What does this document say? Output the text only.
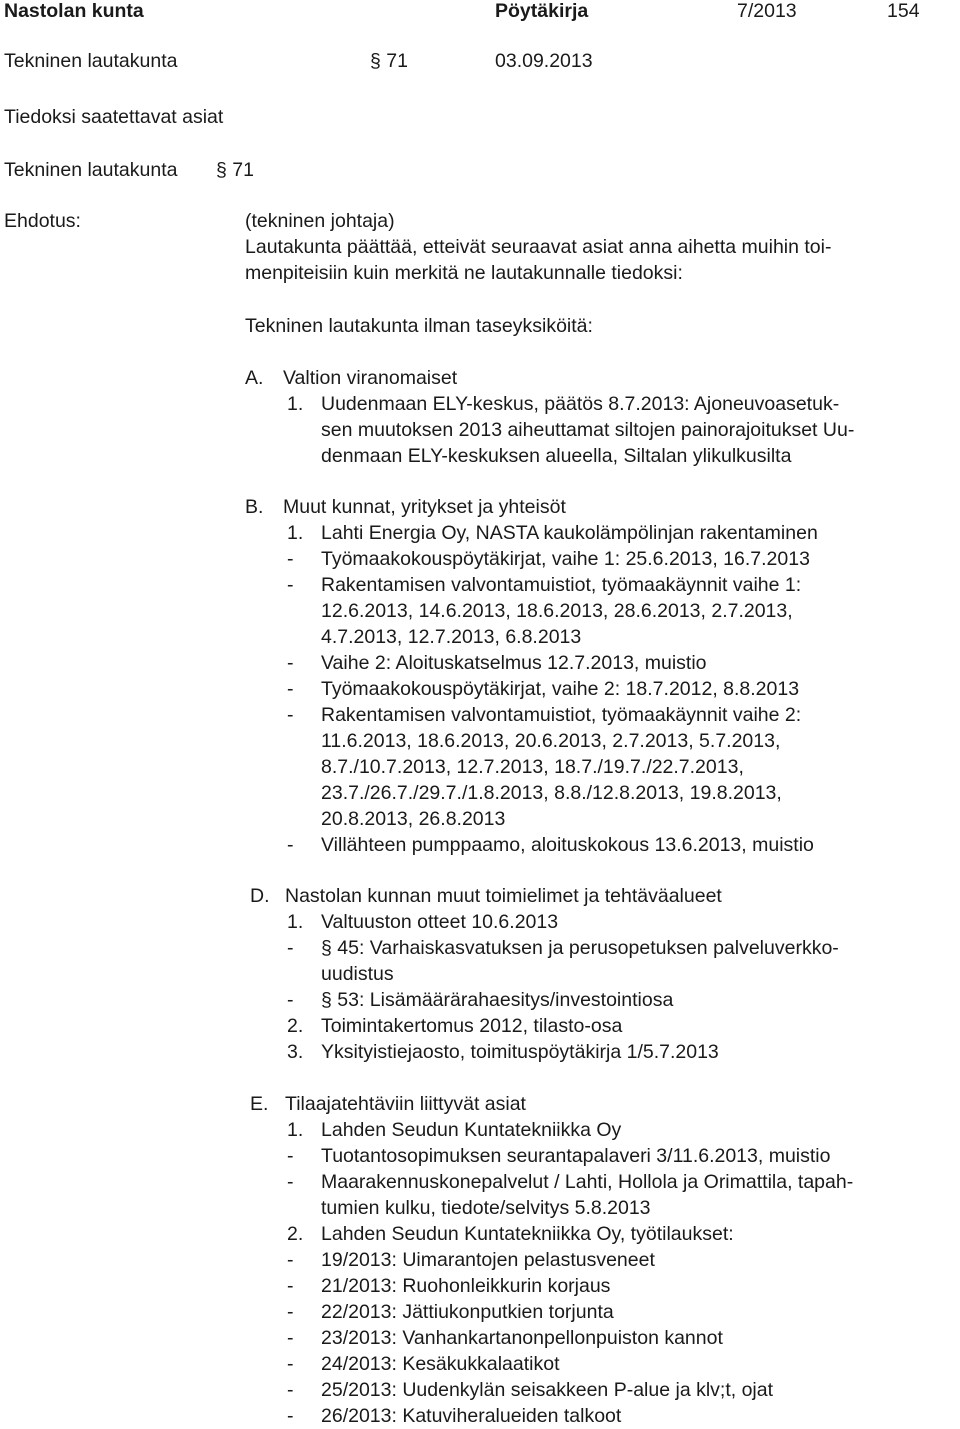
Nastolan kunta	Pöytäkirja	7/2013	154
Tekninen lautakunta	§ 71	03.09.2013
Tiedoksi saatettavat asiat
Tekninen lautakunta § 71
Ehdotus:	(tekninen johtaja)
Lautakunta päättää, etteivät seuraavat asiat anna aihetta muihin toi-
menpiteisiin kuin merkitä ne lautakunnalle tiedoksi:
Tekninen lautakunta ilman taseyksiköitä:
A. Valtion viranomaiset
1. Uudenmaan ELY-keskus, päätös 8.7.2013: Ajoneuvoasetuk-
sen muutoksen 2013 aiheuttamat siltojen painorajoitukset Uu-
denmaan ELY-keskuksen alueella, Siltalan ylikulkusilta
B. Muut kunnat, yritykset ja yhteisöt
1. Lahti Energia Oy, NASTA kaukolämpölinjan rakentaminen
- Työmaakokouspöytäkirjat, vaihe 1: 25.6.2013, 16.7.2013
- Rakentamisen valvontamuistiot, työmaakäynnit vaihe 1:
12.6.2013, 14.6.2013, 18.6.2013, 28.6.2013, 2.7.2013,
4.7.2013, 12.7.2013, 6.8.2013
- Vaihe 2: Aloituskatselmus 12.7.2013, muistio
- Työmaakokouspöytäkirjat, vaihe 2: 18.7.2012, 8.8.2013
- Rakentamisen valvontamuistiot, työmaakäynnit vaihe 2:
11.6.2013, 18.6.2013, 20.6.2013, 2.7.2013, 5.7.2013,
8.7./10.7.2013, 12.7.2013, 18.7./19.7./22.7.2013,
23.7./26.7./29.7./1.8.2013, 8.8./12.8.2013, 19.8.2013,
20.8.2013, 26.8.2013
- Villähteen pumppaamo, aloituskokous 13.6.2013, muistio
D. Nastolan kunnan muut toimielimet ja tehtäväalueet
1. Valtuuston otteet 10.6.2013
- § 45: Varhaiskasvatuksen ja perusopetuksen palveluverkko-
uudistus
- § 53: Lisämäärärahaesitys/investointiosa
2. Toimintakertomus 2012, tilasto-osa
3. Yksityistiejaosto, toimituspöytäkirja 1/5.7.2013
E. Tilaajatehtäviin liittyvät asiat
1. Lahden Seudun Kuntatekniikka Oy
- Tuotantosopimuksen seurantapalaveri 3/11.6.2013, muistio
- Maarakennuskonepalvelut / Lahti, Hollola ja Orimattila, tapah-
tumien kulku, tiedote/selvitys 5.8.2013
2. Lahden Seudun Kuntatekniikka Oy, työtilaukset:
- 19/2013: Uimarantojen pelastusveneet
- 21/2013: Ruohonleikkurin korjaus
- 22/2013: Jättiukonputkien torjunta
- 23/2013: Vanhankartanonpellonpuiston kannot
- 24/2013: Kesäkukkalaatikot
- 25/2013: Uudenkylän seisakkeen P-alue ja klv;t, ojat
- 26/2013: Katuviheralueiden talkoot
